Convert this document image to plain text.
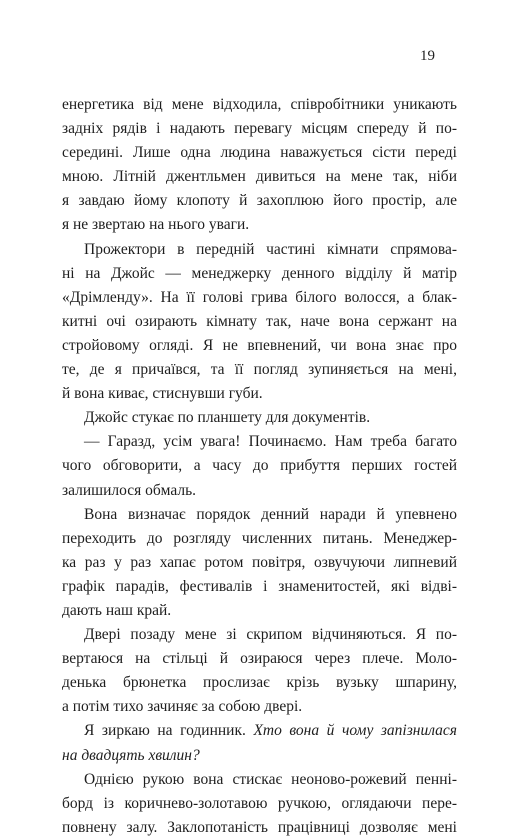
19
енергетика від мене відходила, співробітники уникають
задніх рядів і надають перевагу місцям спереду й по-
середині. Лише одна людина наважується сісти переді
мною. Літній джентльмен дивиться на мене так, ніби
я завдаю йому клопоту й захоплюю його простір, але
я не звертаю на нього уваги.
Прожектори в передній частині кімнати спрямова-
ні на Джойс — менеджерку денного відділу й матір
«Дрімленду». На її голові грива білого волосся, а блак-
китні очі озирають кімнату так, наче вона сержант на
стройовому огляді. Я не впевнений, чи вона знає про
те, де я причаївся, та її погляд зупиняється на мені,
й вона киває, стиснувши губи.
Джойс стукає по планшету для документів.
— Гаразд, усім увага! Починаємо. Нам треба багато
чого обговорити, а часу до прибуття перших гостей
залишилося обмаль.
Вона визначає порядок денний наради й упевнено
переходить до розгляду численних питань. Менеджер-
ка раз у раз хапає ротом повітря, озвучуючи липневий
графік парадів, фестивалів і знаменитостей, які відві-
дають наш край.
Двері позаду мене зі скрипом відчиняються. Я по-
вертаюся на стільці й озираюся через плече. Моло-
денька брюнетка прослизає крізь вузьку шпарину,
а потім тихо зачиняє за собою двері.
Я зиркаю на годинник. Хто вона й чому запізнилася
на двадцять хвилин?
Однією рукою вона стискає неоново-рожевий пенні-
борд із коричнево-золотавою ручкою, оглядаючи пере-
повнену залу. Заклопотаність працівниці дозволяє мені
